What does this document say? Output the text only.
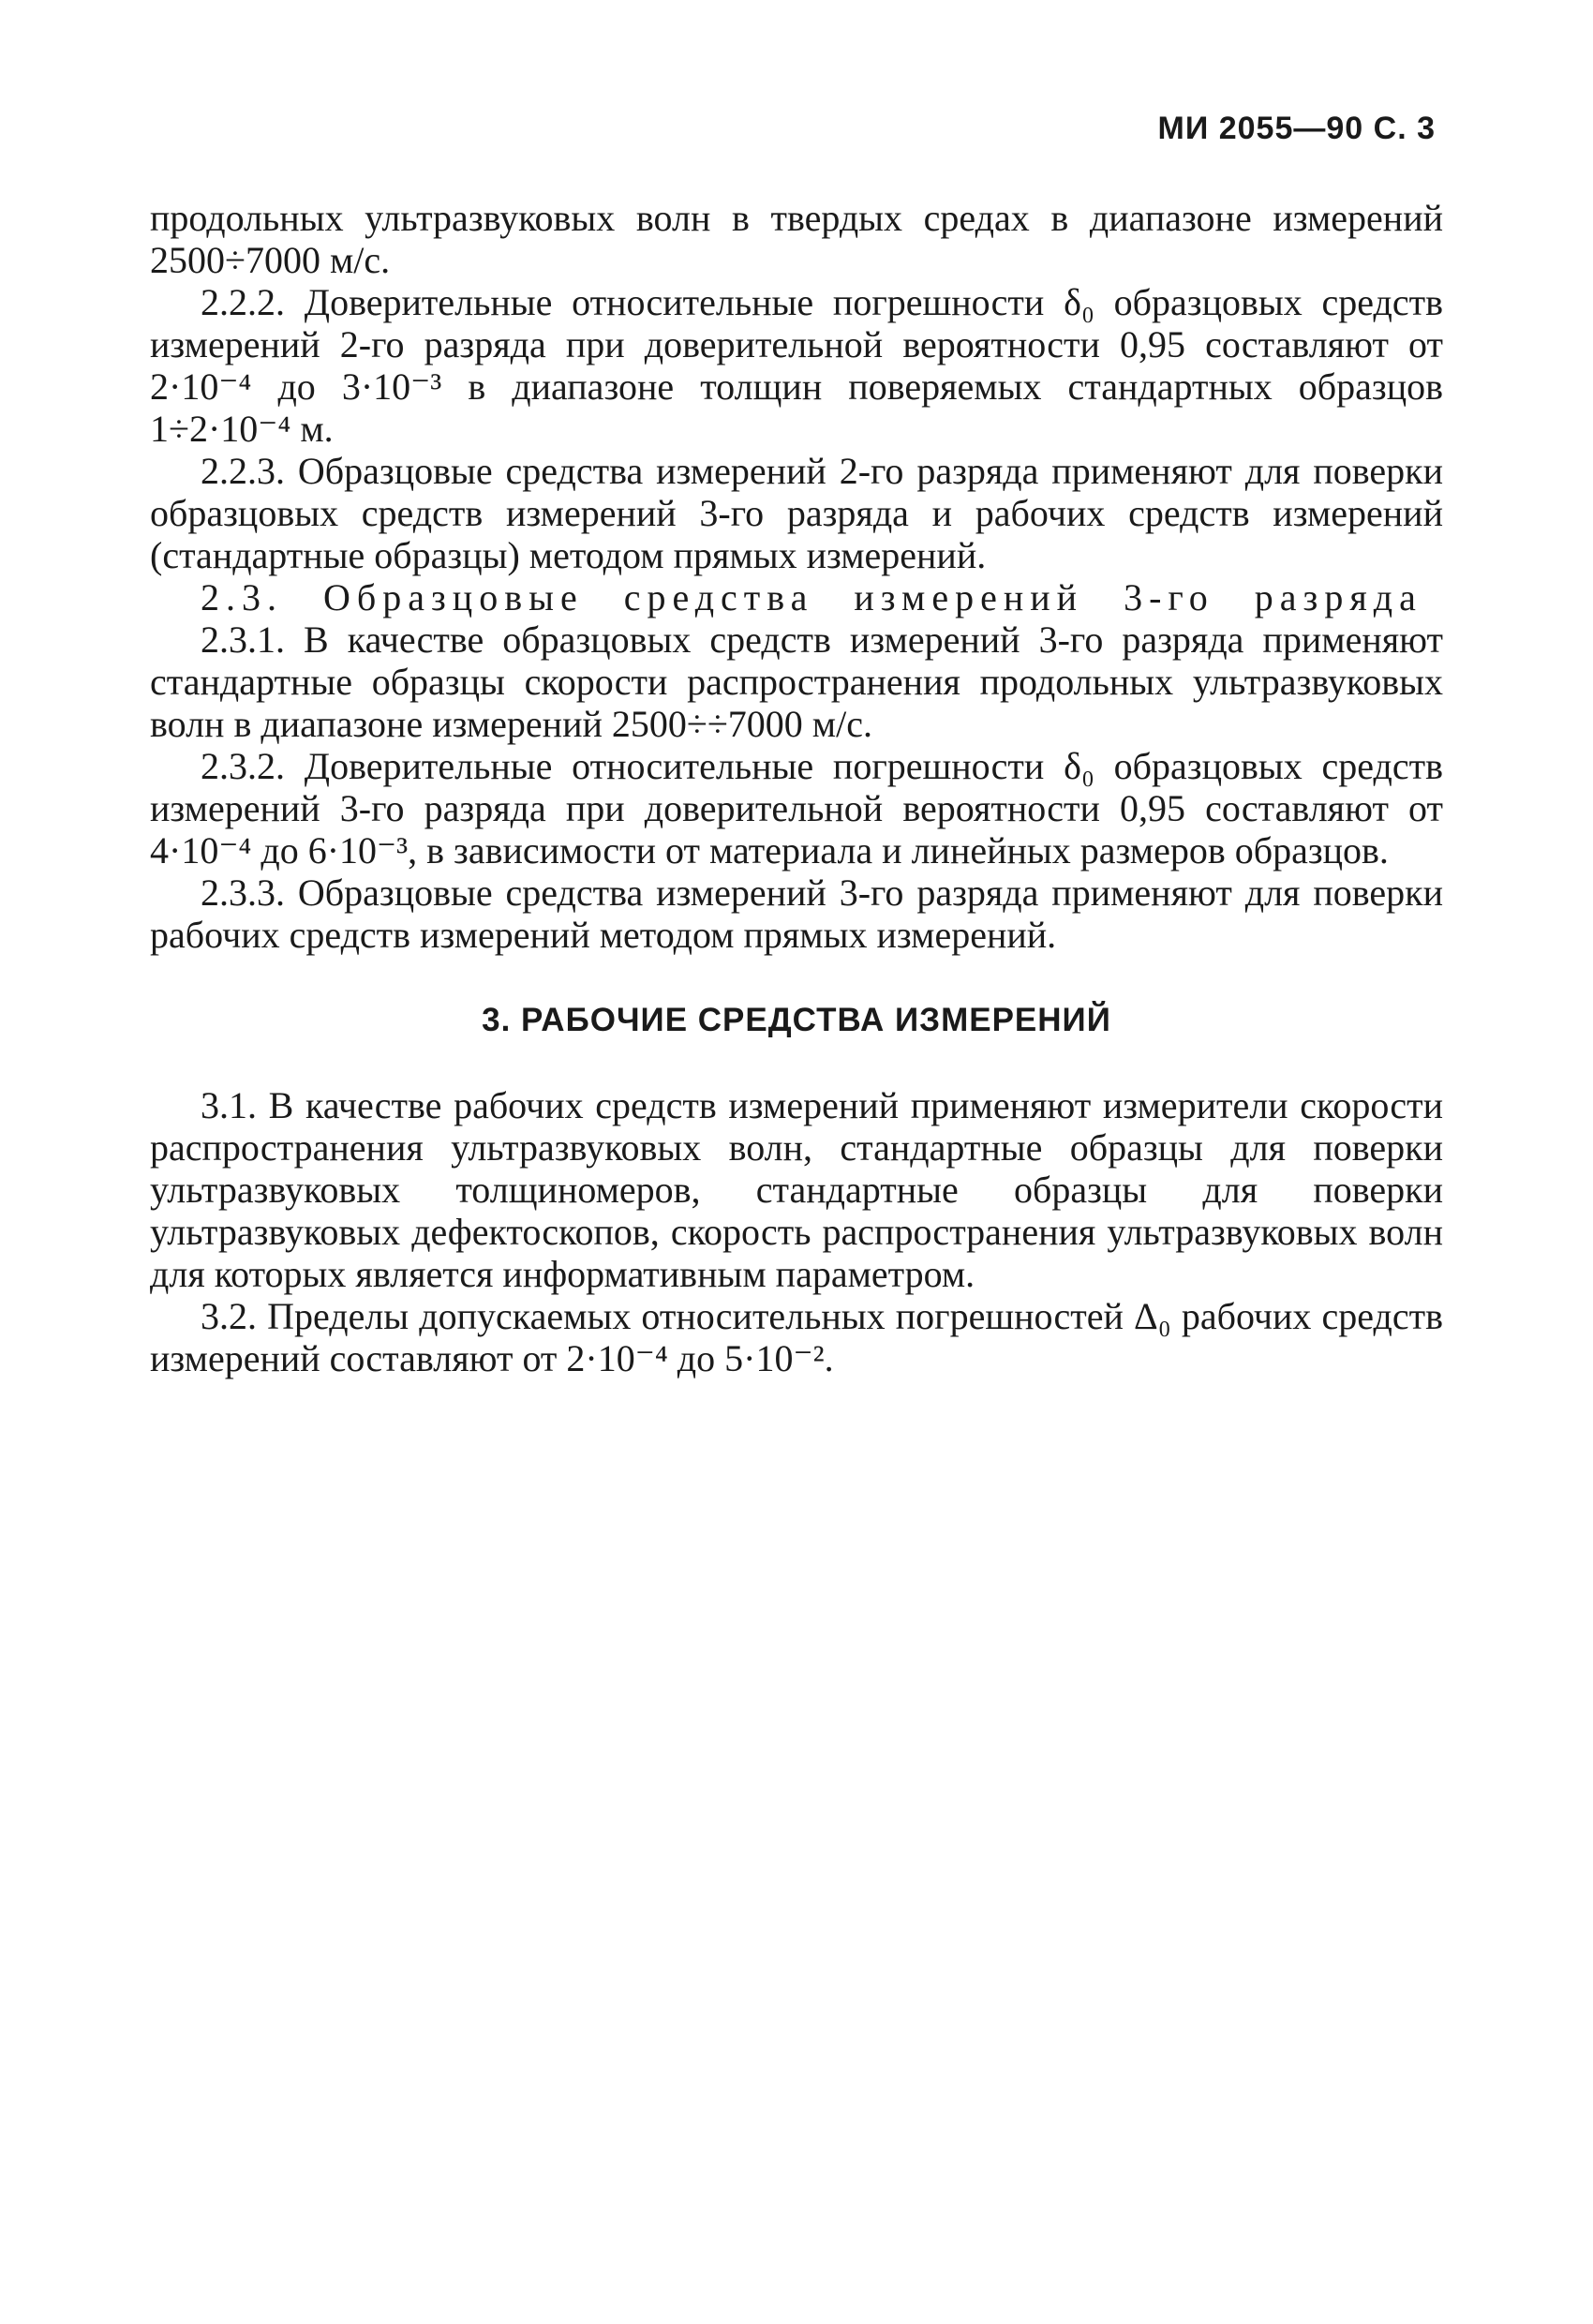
МИ 2055—90 С. 3

продольных ультразвуковых волн в твердых средах в диапазоне измерений 2500÷7000 м/с.

2.2.2. Доверительные относительные погрешности δ₀ образцовых средств измерений 2-го разряда при доверительной вероятности 0,95 составляют от 2·10⁻⁴ до 3·10⁻³ в диапазоне толщин поверяемых стандартных образцов 1÷2·10⁻⁴ м.

2.2.3. Образцовые средства измерений 2-го разряда применяют для поверки образцовых средств измерений 3-го разряда и рабочих средств измерений (стандартные образцы) методом прямых измерений.

2.3. Образцовые средства измерений 3-го разряда

2.3.1. В качестве образцовых средств измерений 3-го разряда применяют стандартные образцы скорости распространения продольных ультразвуковых волн в диапазоне измерений 2500÷÷7000 м/с.

2.3.2. Доверительные относительные погрешности δ₀ образцовых средств измерений 3-го разряда при доверительной вероятности 0,95 составляют от 4·10⁻⁴ до 6·10⁻³, в зависимости от материала и линейных размеров образцов.

2.3.3. Образцовые средства измерений 3-го разряда применяют для поверки рабочих средств измерений методом прямых измерений.

3. РАБОЧИЕ СРЕДСТВА ИЗМЕРЕНИЙ

3.1. В качестве рабочих средств измерений применяют измерители скорости распространения ультразвуковых волн, стандартные образцы для поверки ультразвуковых толщиномеров, стандартные образцы для поверки ультразвуковых дефектоскопов, скорость распространения ультразвуковых волн для которых является информативным параметром.

3.2. Пределы допускаемых относительных погрешностей Δ₀ рабочих средств измерений составляют от 2·10⁻⁴ до 5·10⁻².
